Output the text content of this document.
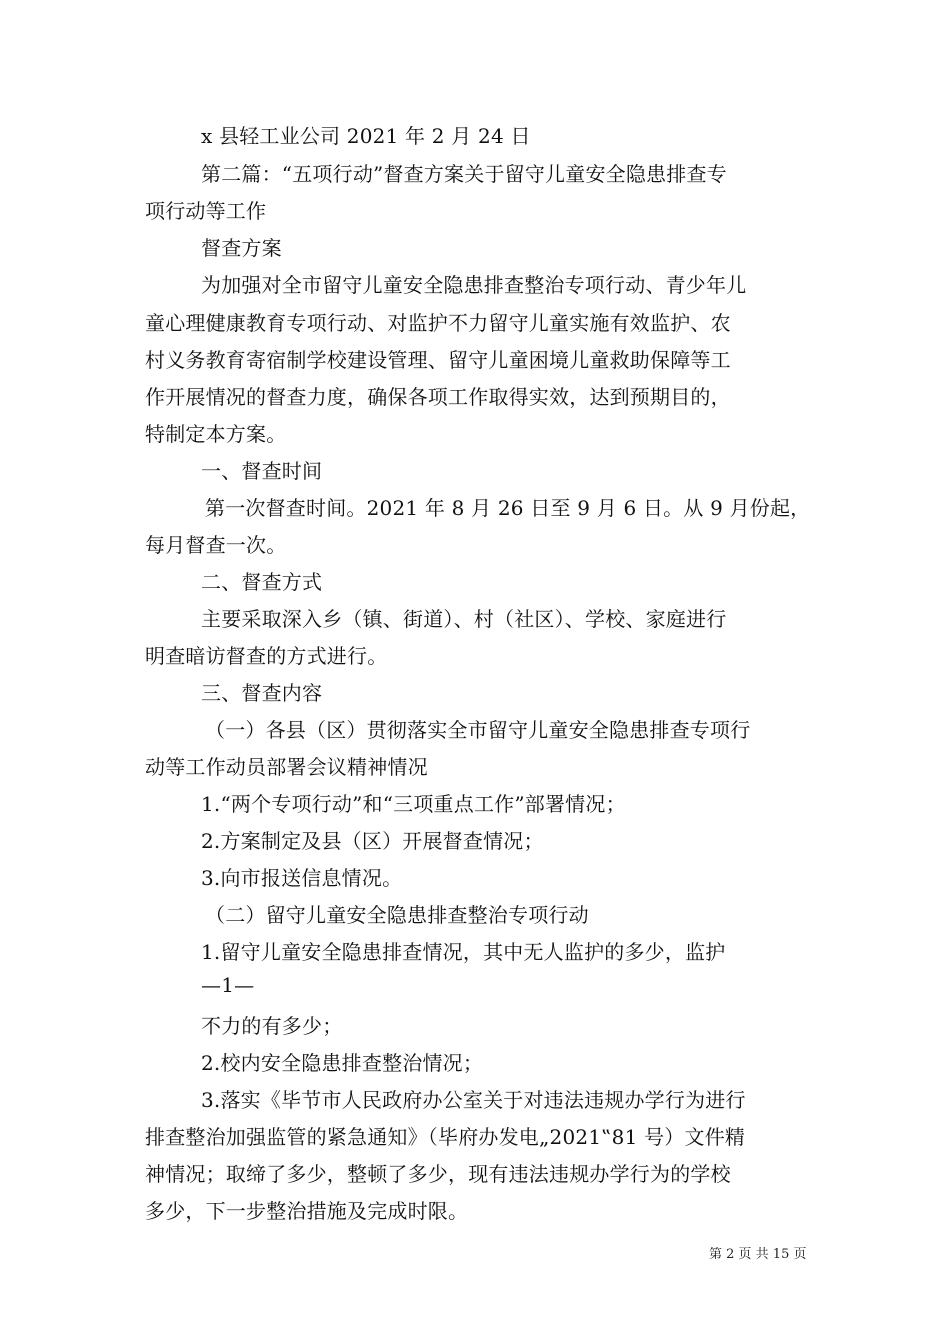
x 县轻工业公司 2021 年 2 月 24 日
第二篇：“五项行动”督查方案关于留守儿童安全隐患排查专
项行动等工作
督查方案
为加强对全市留守儿童安全隐患排查整治专项行动、青少年儿
童心理健康教育专项行动、对监护不力留守儿童实施有效监护、农
村义务教育寄宿制学校建设管理、留守儿童困境儿童救助保障等工
作开展情况的督查力度，确保各项工作取得实效，达到预期目的，
特制定本方案。
一、督查时间
第一次督查时间。2021 年 8 月 26 日至 9 月 6 日。从 9 月份起，
每月督查一次。
二、督查方式
主要采取深入乡（镇、街道）、村（社区）、学校、家庭进行
明查暗访督查的方式进行。
三、督查内容
（一）各县（区）贯彻落实全市留守儿童安全隐患排查专项行
动等工作动员部署会议精神情况
1.“两个专项行动”和“三项重点工作”部署情况；
2.方案制定及县（区）开展督查情况；
3.向市报送信息情况。
（二）留守儿童安全隐患排查整治专项行动
1.留守儿童安全隐患排查情况，其中无人监护的多少，监护
—1—
不力的有多少；
2.校内安全隐患排查整治情况；
3.落实《毕节市人民政府办公室关于对违法违规办学行为进行
排查整治加强监管的紧急通知》（毕府办发电„2021‟81 号）文件精
神情况；取缔了多少，整顿了多少，现有违法违规办学行为的学校
多少，下一步整治措施及完成时限。
第 2 页 共 15 页
